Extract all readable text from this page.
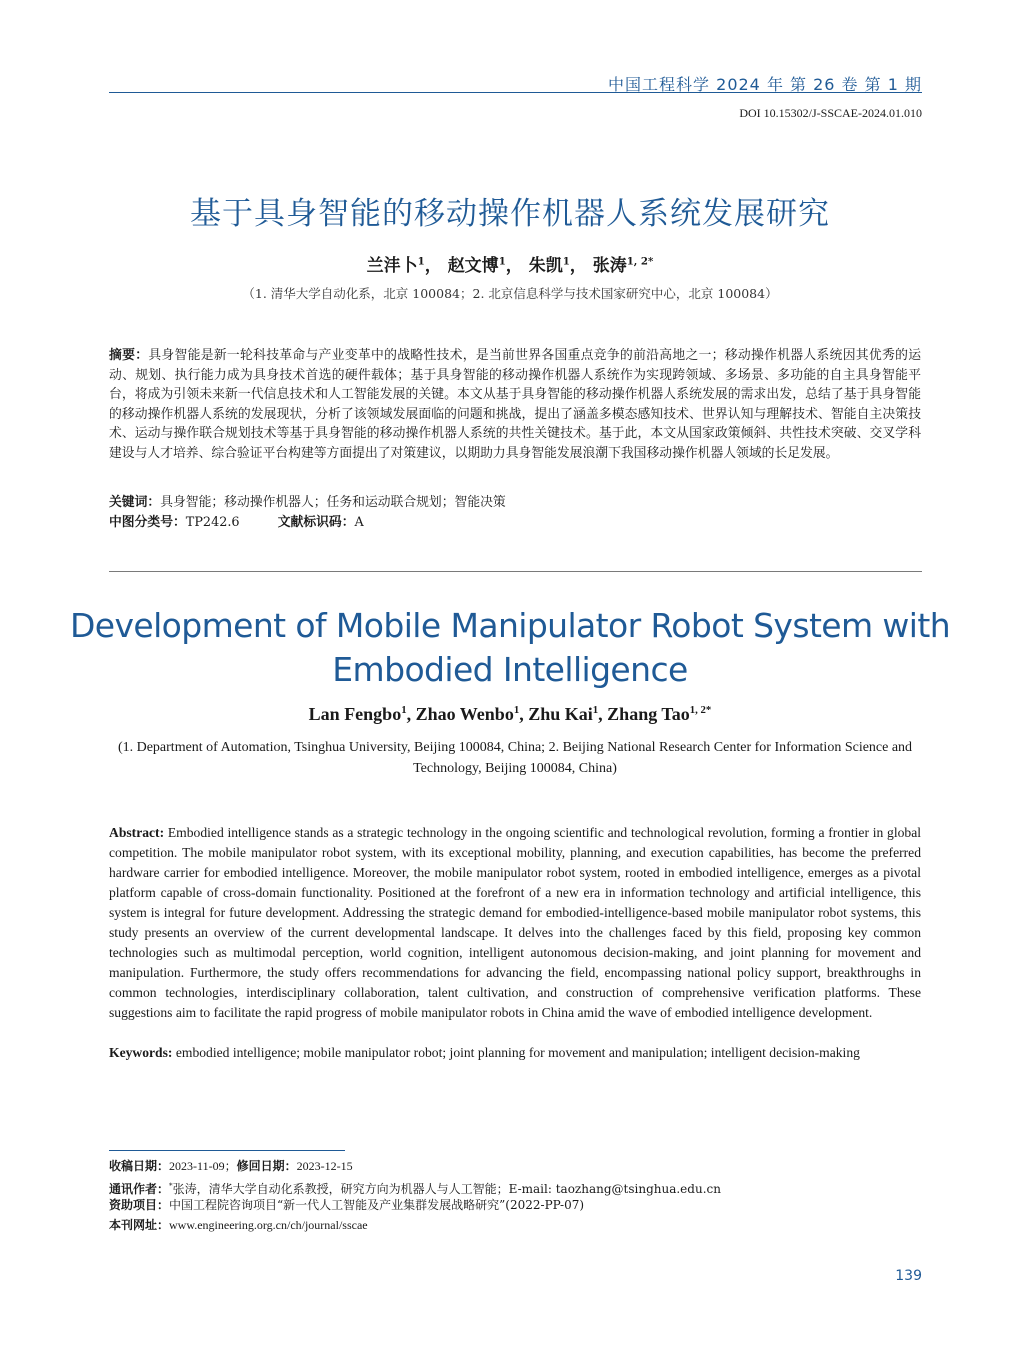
中国工程科学 2024 年 第 26 卷 第 1 期
DOI 10.15302/J-SSCAE-2024.01.010
基于具身智能的移动操作机器人系统发展研究
兰沣卜$^1$， 赵文博$^1$， 朱凯$^1$， 张涛$^{1, 2*}$
（1. 清华大学自动化系，北京 100084；2. 北京信息科学与技术国家研究中心，北京 100084）
摘要：具身智能是新一轮科技革命与产业变革中的战略性技术，是当前世界各国重点竞争的前沿高地之一；移动操作机器人系统因其优秀的运动、规划、执行能力成为具身技术首选的硬件载体；基于具身智能的移动操作机器人系统作为实现跨领域、多场景、多功能的自主具身智能平台，将成为引领未来新一代信息技术和人工智能发展的关键。本文从基于具身智能的移动操作机器人系统发展的需求出发，总结了基于具身智能的移动操作机器人系统的发展现状，分析了该领域发展面临的问题和挑战，提出了涵盖多模态感知技术、世界认知与理解技术、智能自主决策技术、运动与操作联合规划技术等基于具身智能的移动操作机器人系统的共性关键技术。基于此，本文从国家政策倾斜、共性技术突破、交叉学科建设与人才培养、综合验证平台构建等方面提出了对策建议，以期助力具身智能发展浪潮下我国移动操作机器人领域的长足发展。
关键词：具身智能；移动操作机器人；任务和运动联合规划；智能决策
中图分类号：TP242.6	文献标识码：A
Development of Mobile Manipulator Robot System with Embodied Intelligence
Lan Fengbo$^1$, Zhao Wenbo$^1$, Zhu Kai$^1$, Zhang Tao$^{1, 2*}$
(1. Department of Automation, Tsinghua University, Beijing 100084, China; 2. Beijing National Research Center for Information Science and Technology, Beijing 100084, China)
Abstract: Embodied intelligence stands as a strategic technology in the ongoing scientific and technological revolution, forming a frontier in global competition. The mobile manipulator robot system, with its exceptional mobility, planning, and execution capabilities, has become the preferred hardware carrier for embodied intelligence. Moreover, the mobile manipulator robot system, rooted in embodied intelligence, emerges as a pivotal platform capable of cross-domain functionality. Positioned at the forefront of a new era in information technology and artificial intelligence, this system is integral for future development. Addressing the strategic demand for embodied-intelligence-based mobile manipulator robot systems, this study presents an overview of the current developmental landscape. It delves into the challenges faced by this field, proposing key common technologies such as multimodal perception, world cognition, intelligent autonomous decision-making, and joint planning for movement and manipulation. Furthermore, the study offers recommendations for advancing the field, encompassing national policy support, breakthroughs in common technologies, interdisciplinary collaboration, talent cultivation, and construction of comprehensive verification platforms. These suggestions aim to facilitate the rapid progress of mobile manipulator robots in China amid the wave of embodied intelligence development.
Keywords: embodied intelligence; mobile manipulator robot; joint planning for movement and manipulation; intelligent decision-making
收稿日期：2023-11-09；修回日期：2023-12-15
通讯作者：*张涛，清华大学自动化系教授，研究方向为机器人与人工智能；E-mail: taozhang@tsinghua.edu.cn
资助项目：中国工程院咨询项目“新一代人工智能及产业集群发展战略研究”(2022-PP-07)
本刊网址：www.engineering.org.cn/ch/journal/sscae
139
